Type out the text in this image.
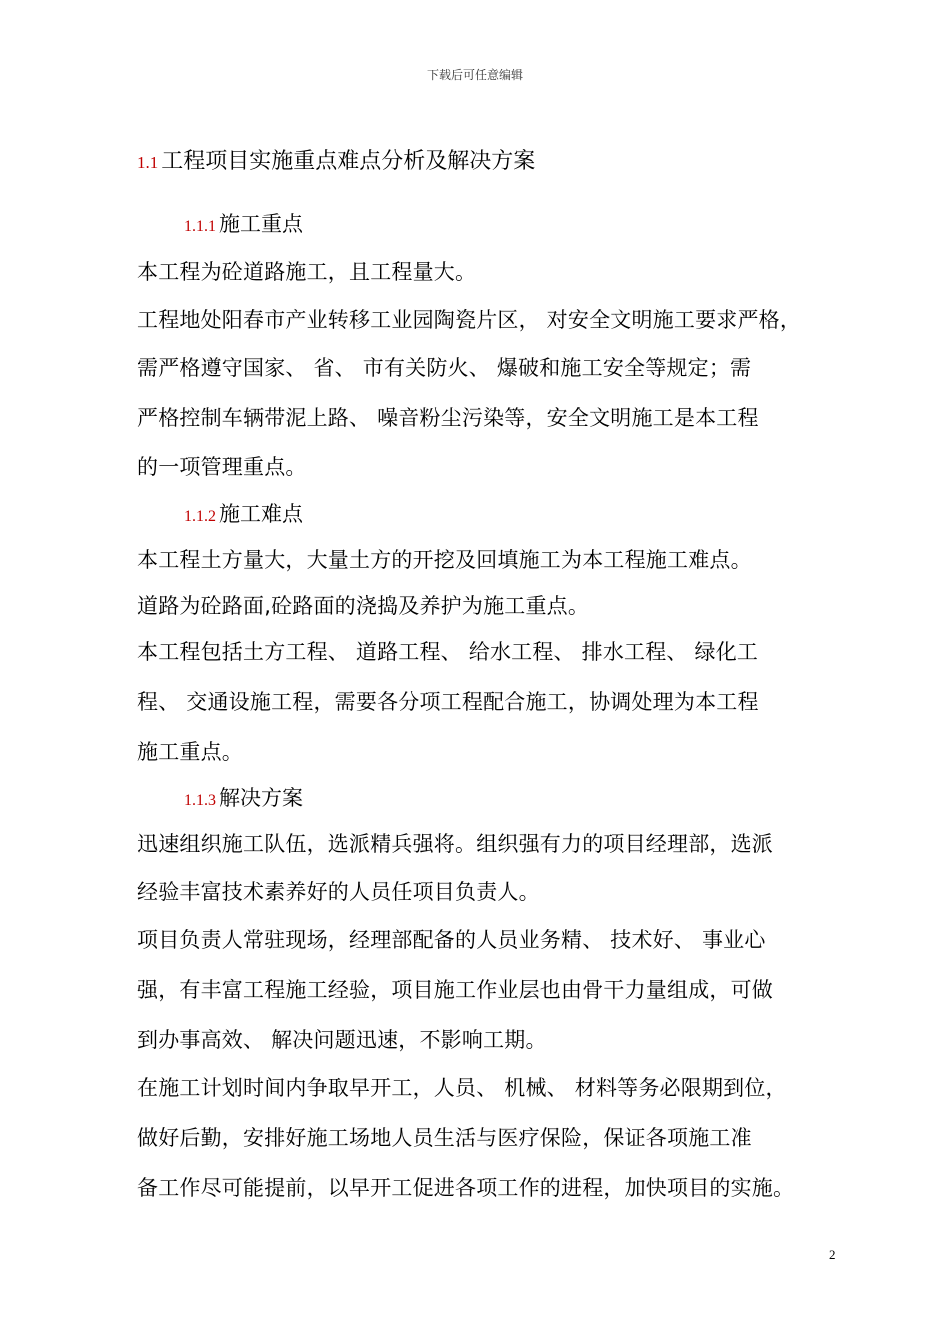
下载后可任意编辑
1.1 工程项目实施重点难点分析及解决方案
1.1.1 施工重点
本工程为砼道路施工，且工程量大。
工程地处阳春市产业转移工业园陶瓷片区， 对安全文明施工要求严格，
需严格遵守国家、 省、 市有关防火、 爆破和施工安全等规定；需
严格控制车辆带泥上路、 噪音粉尘污染等，安全文明施工是本工程
的一项管理重点。
1.1.2 施工难点
本工程土方量大，大量土方的开挖及回填施工为本工程施工难点。
道路为砼路面,砼路面的浇捣及养护为施工重点。
本工程包括土方工程、 道路工程、 给水工程、 排水工程、 绿化工
程、 交通设施工程，需要各分项工程配合施工，协调处理为本工程
施工重点。
1.1.3 解决方案
迅速组织施工队伍，选派精兵强将。组织强有力的项目经理部，选派
经验丰富技术素养好的人员任项目负责人。
项目负责人常驻现场，经理部配备的人员业务精、 技术好、 事业心
强，有丰富工程施工经验，项目施工作业层也由骨干力量组成，可做
到办事高效、 解决问题迅速，不影响工期。
在施工计划时间内争取早开工，人员、 机械、 材料等务必限期到位，
做好后勤，安排好施工场地人员生活与医疗保险，保证各项施工准
备工作尽可能提前，以早开工促进各项工作的进程，加快项目的实施。
2
